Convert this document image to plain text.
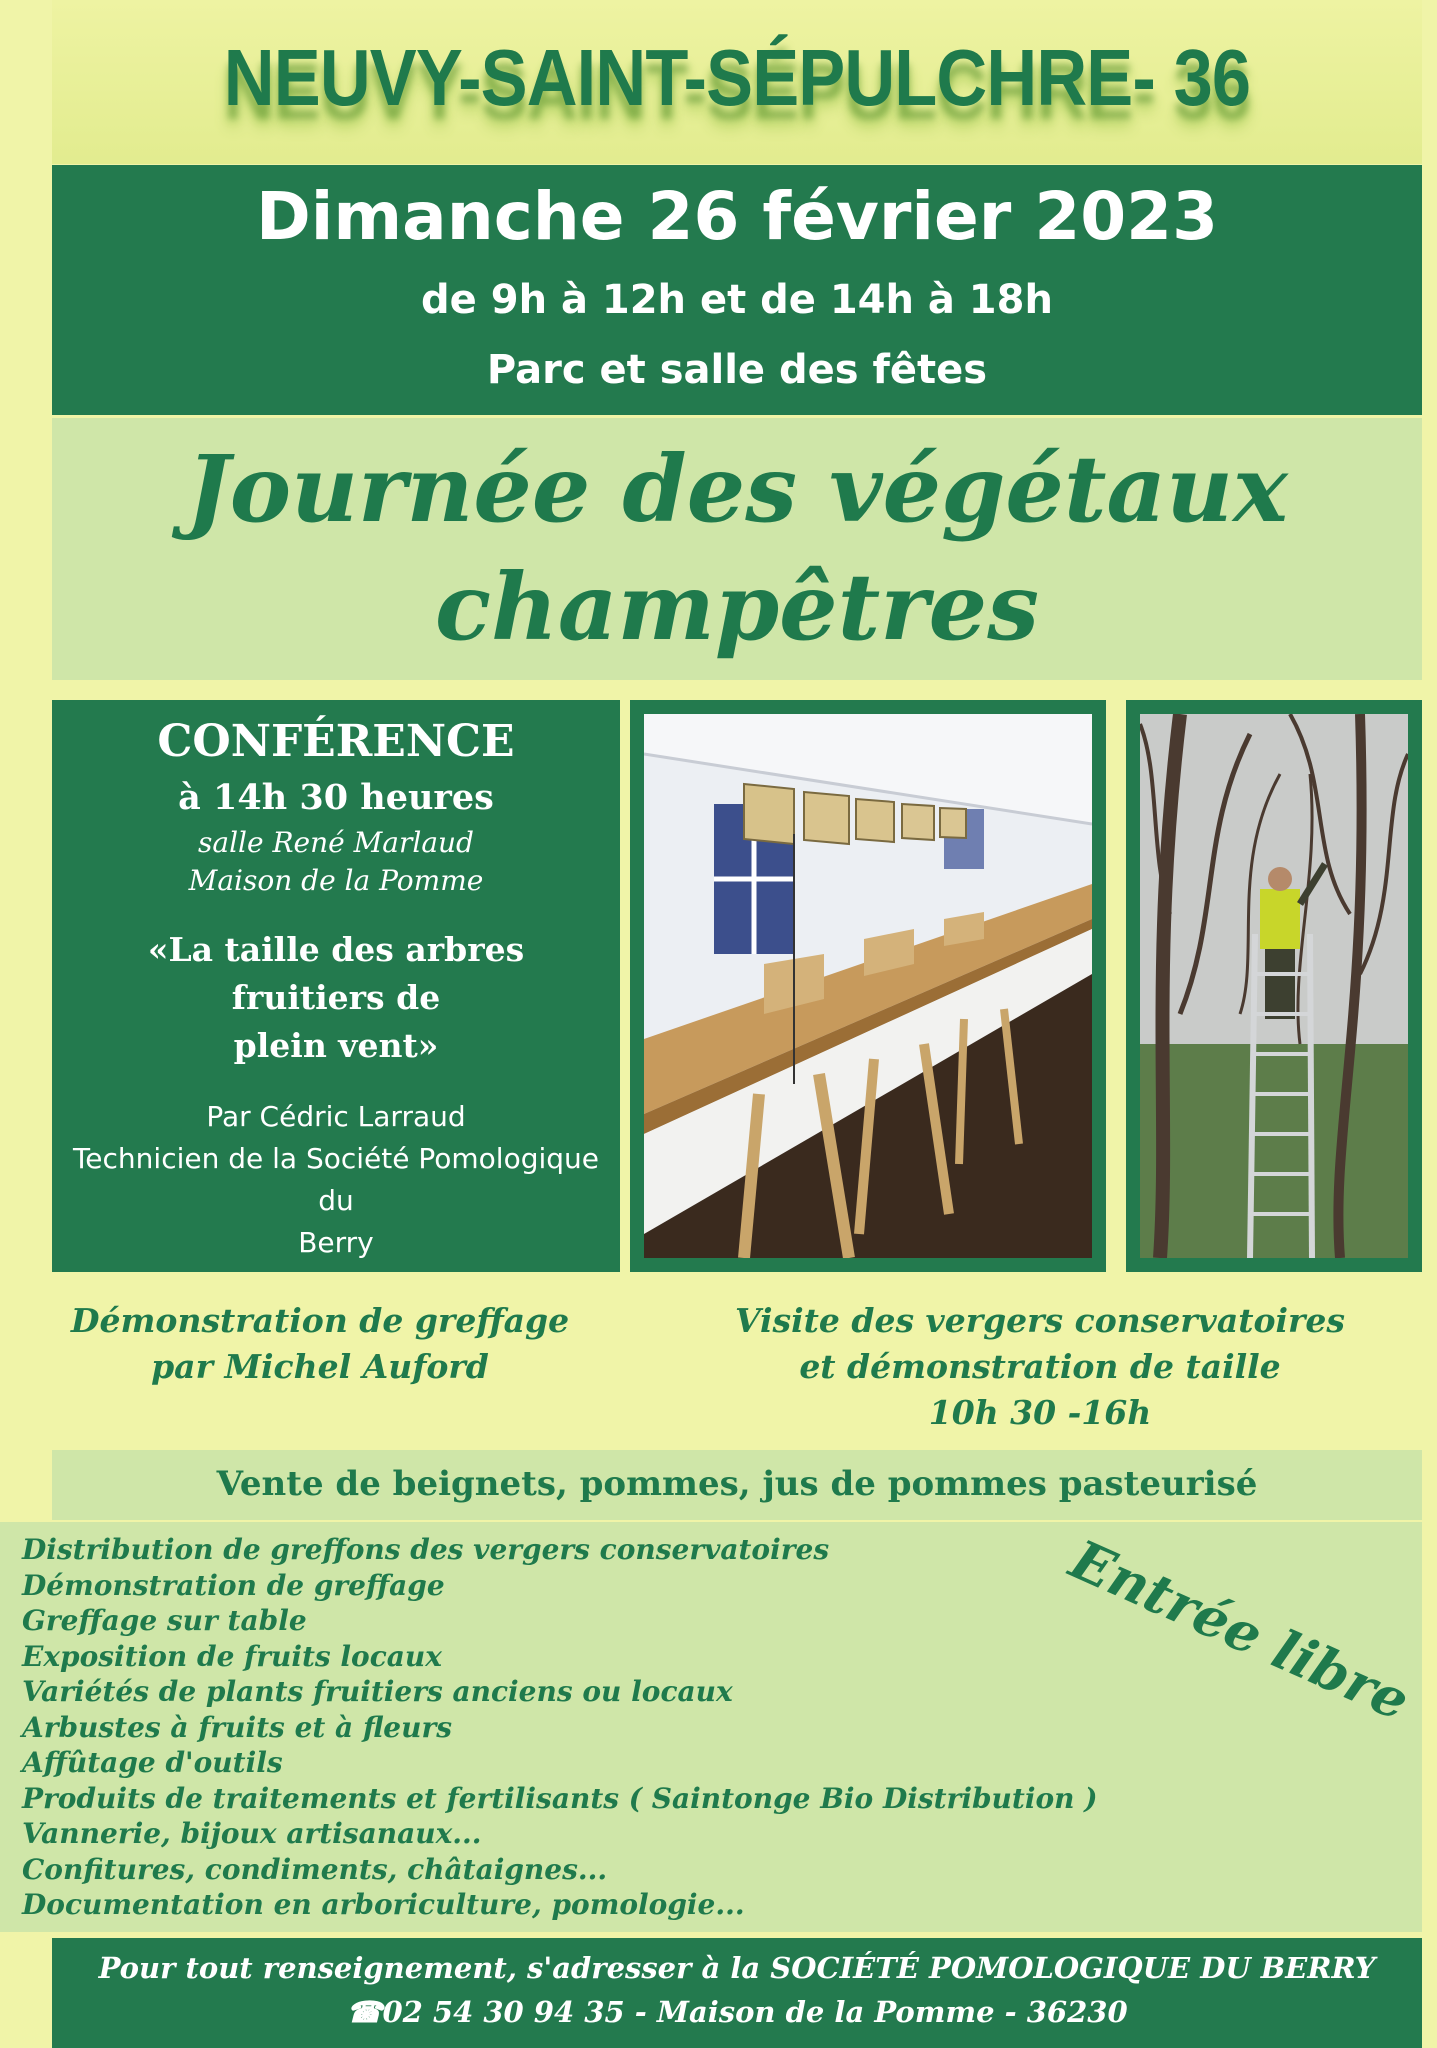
NEUVY-SAINT-SÉPULCHRE- 36
Dimanche 26 février 2023
de 9h à 12h et de 14h à 18h
Parc et salle des fêtes
Journée des végétaux
champêtres
CONFÉRENCE
à 14h 30 heures
salle René Marlaud
Maison de la Pomme
«La taille des arbres fruitiers de
plein vent»
Par Cédric Larraud
Technicien de la Société Pomologique du
Berry
Démonstration de greffage
par Michel Auford
Visite des vergers conservatoires
et démonstration de taille
10h 30 -16h
Vente de beignets, pommes, jus de pommes pasteurisé
Distribution de greffons des vergers conservatoires
Démonstration de greffage
Greffage sur table
Exposition de fruits locaux
Variétés de plants fruitiers anciens ou locaux
Arbustes à fruits et à fleurs
Affûtage d'outils
Produits de traitements et fertilisants ( Saintonge Bio Distribution )
Vannerie, bijoux artisanaux...
Confitures, condiments, châtaignes...
Documentation en arboriculture, pomologie...
Entrée libre
Pour tout renseignement, s'adresser à la SOCIÉTÉ POMOLOGIQUE DU BERRY
☎02 54 30 94 35 - Maison de la Pomme - 36230
